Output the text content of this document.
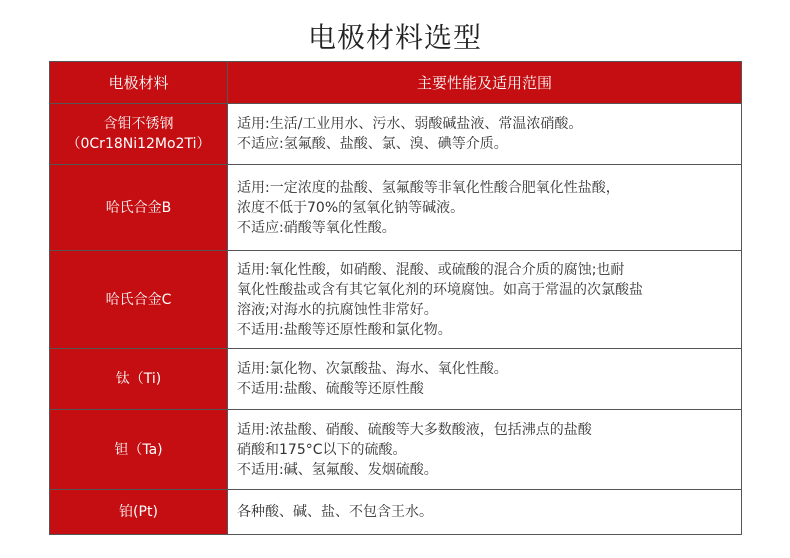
电极材料选型
电极材料	主要性能及适用范围

含钼不锈钢
（0Cr18Ni12Mo2Ti）	适用:生活/工业用水、污水、弱酸碱盐液、常温浓硝酸。
不适应:氢氟酸、盐酸、氯、溴、碘等介质。

哈氏合金B	适用:一定浓度的盐酸、氢氟酸等非氧化性酸合肥氧化性盐酸，
浓度不低于70%的氢氧化钠等碱液。
不适应:硝酸等氧化性酸。

哈氏合金C	适用:氧化性酸，如硝酸、混酸、或硫酸的混合介质的腐蚀;也耐
氧化性酸盐或含有其它氧化剂的环境腐蚀。如高于常温的次氯酸盐
溶液;对海水的抗腐蚀性非常好。
不适用:盐酸等还原性酸和氯化物。

钛（Ti)	适用:氯化物、次氯酸盐、海水、氧化性酸。
不适用:盐酸、硫酸等还原性酸

钽（Ta)	适用:浓盐酸、硝酸、硫酸等大多数酸液，包括沸点的盐酸
硝酸和175°C以下的硫酸。
不适用:碱、氢氟酸、发烟硫酸。

铂(Pt)	各种酸、碱、盐、不包含王水。
